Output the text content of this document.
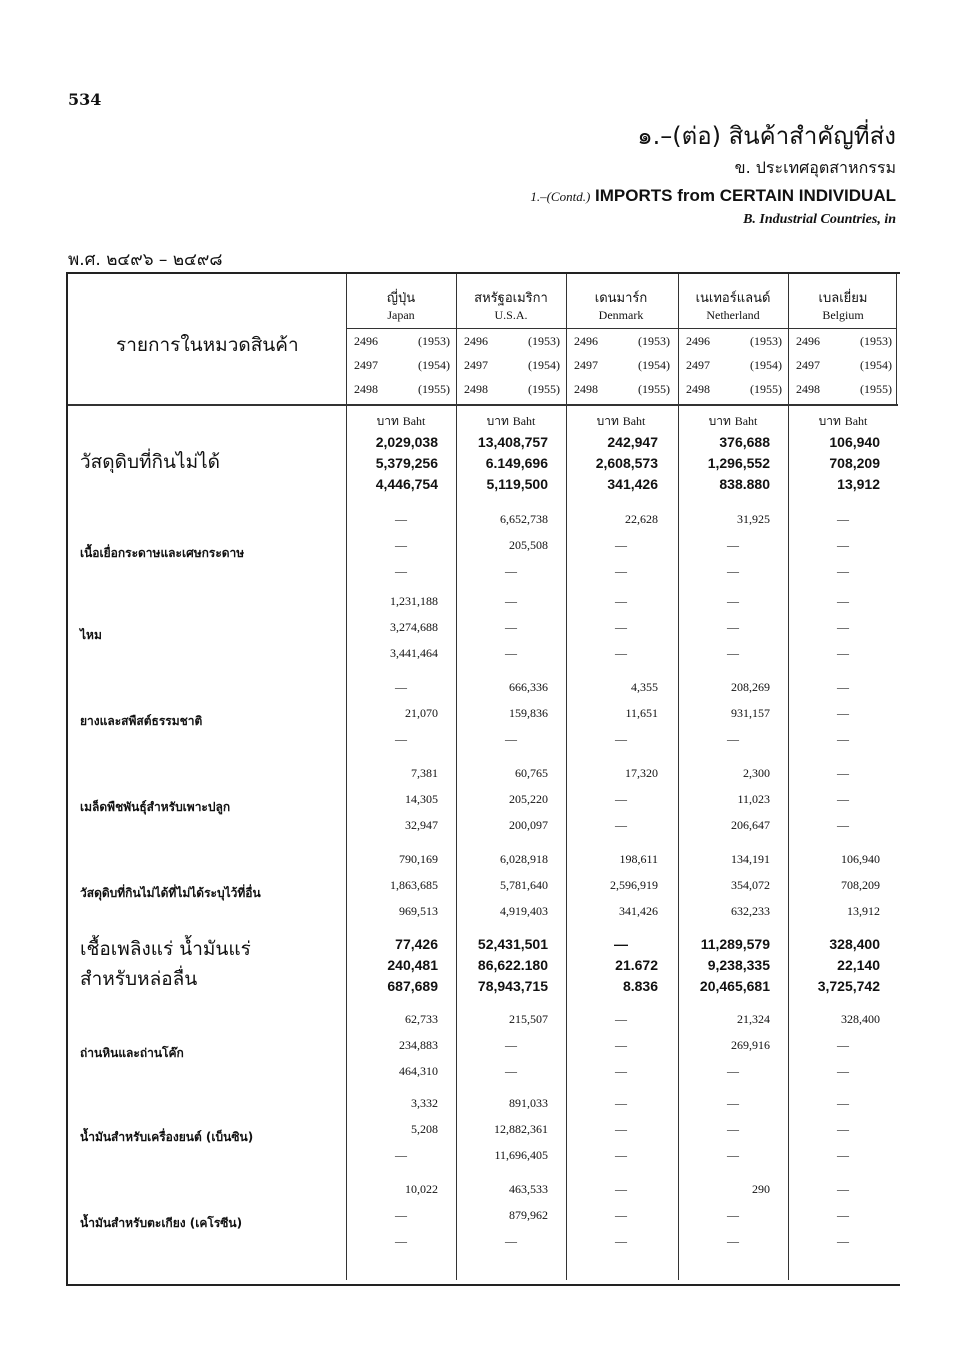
534
๑.–(ต่อ) สินค้าสำคัญที่ส่ง
ข. ประเทศอุตสาหกรรม
1.–(Contd.) IMPORTS from CERTAIN INDIVIDUAL
B. Industrial Countries, in
พ.ศ. ๒๔๙๖ – ๒๔๙๘
รายการในหมวดสินค้า
ญี่ปุ่น
Japan
2496	(1953)
2497	(1954)
2498	(1955)
บาท Baht
สหรัฐอเมริกา
U.S.A.
2496	(1953)
2497	(1954)
2498	(1955)
บาท Baht
เดนมาร์ก
Denmark
2496	(1953)
2497	(1954)
2498	(1955)
บาท Baht
เนเทอร์แลนด์
Netherland
2496	(1953)
2497	(1954)
2498	(1955)
บาท Baht
เบลเยี่ยม
Belgium
2496	(1953)
2497	(1954)
2498	(1955)
บาท Baht
วัสดุดิบที่กินไม่ได้
2,029,038	13,408,757	242,947	376,688	106,940
5,379,256	6.149,696	2,608,573	1,296,552	708,209
4,446,754	5,119,500	341,426	838.880	13,912
เนื้อเยื่อกระดาษและเศษกระดาษ
—	6,652,738	22,628	31,925	—
—	205,508	—	—	—
—	—	—	—	—
ไหม
1,231,188	—	—	—	—
3,274,688	—	—	—	—
3,441,464	—	—	—	—
ยางและสพืสต์ธรรมชาติ
—	666,336	4,355	208,269	—
21,070	159,836	11,651	931,157	—
—	—	—	—	—
เมล็ดพืชพันธุ์สำหรับเพาะปลูก
7,381	60,765	17,320	2,300	—
14,305	205,220	—	11,023	—
32,947	200,097	—	206,647	—
วัสดุดิบที่กินไม่ได้ที่ไม่ได้ระบุไว้ที่อื่น
790,169	6,028,918	198,611	134,191	106,940
1,863,685	5,781,640	2,596,919	354,072	708,209
969,513	4,919,403	341,426	632,233	13,912
เชื้อเพลิงแร่ น้ำมันแร่
สำหรับหล่อลื่น
77,426	52,431,501	—	11,289,579	328,400
240,481	86,622.180	21.672	9,238,335	22,140
687,689	78,943,715	8.836	20,465,681	3,725,742
ถ่านหินและถ่านโค๊ก
62,733	215,507	—	21,324	328,400
234,883	—	—	269,916	—
464,310	—	—	—	—
น้ำมันสำหรับเครื่องยนต์ (เบ็นซิน)
3,332	891,033	—	—	—
5,208	12,882,361	—	—	—
—	11,696,405	—	—	—
น้ำมันสำหรับตะเกียง (เคโรซีน)
10,022	463,533	—	290	—
—	879,962	—	—	—
—	—	—	—	—
